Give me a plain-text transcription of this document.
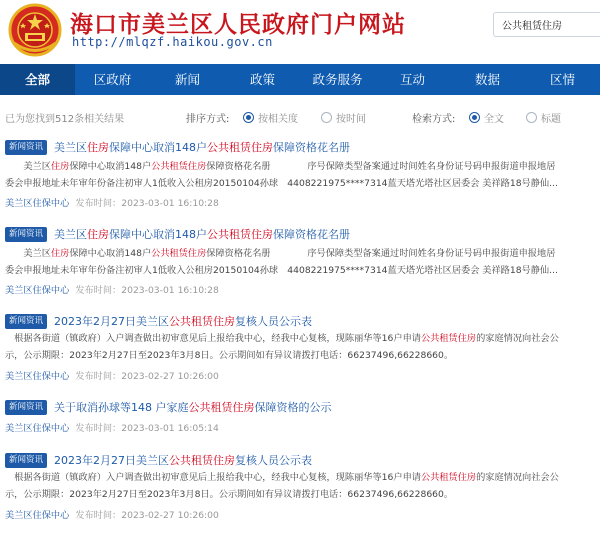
海口市美兰区人民政府门户网站
http://mlqzf.haikou.gov.cn
公共租赁住房
全部	区政府	新闻	政策	政务服务	互动	数据	区情
已为您找到512条相关结果	排序方式:	按相关度	按时间	检索方式:	全文	标题
新闻资讯	美兰区住房保障中心取消148户公共租赁住房保障资格花名册
　　美兰区住房保障中心取消148户公共租赁住房保障资格花名册　　　　序号保障类型备案通过时间姓名身份证号码申报街道申报地居
委会申报地址未年审年份备注初审人1低收入公租房20150104孙球　4408221975****7314蓝天塔光塔社区居委会 美祥路18号静仙...
美兰区住保中心 发布时间：2023-03-01 16:10:28
新闻资讯	美兰区住房保障中心取消148户公共租赁住房保障资格花名册
　　美兰区住房保障中心取消148户公共租赁住房保障资格花名册　　　　序号保障类型备案通过时间姓名身份证号码申报街道申报地居
委会申报地址未年审年份备注初审人1低收入公租房20150104孙球　4408221975****7314蓝天塔光塔社区居委会 美祥路18号静仙...
美兰区住保中心 发布时间：2023-03-01 16:10:28
新闻资讯	2023年2月27日美兰区公共租赁住房复核人员公示表
　根据各街道（镇政府）入户调查做出初审意见后上报给我中心，经我中心复核，现陈丽华等16户申请公共租赁住房的家庭情况向社会公
示，公示期限：2023年2月27日至2023年3月8日。公示期间如有异议请拨打电话：66237496,66228660。
美兰区住保中心 发布时间：2023-02-27 10:26:00
新闻资讯	关于取消孙球等148 户家庭公共租赁住房保障资格的公示
美兰区住保中心 发布时间：2023-03-01 16:05:14
新闻资讯	2023年2月27日美兰区公共租赁住房复核人员公示表
　根据各街道（镇政府）入户调查做出初审意见后上报给我中心，经我中心复核，现陈丽华等16户申请公共租赁住房的家庭情况向社会公
示，公示期限：2023年2月27日至2023年3月8日。公示期间如有异议请拨打电话：66237496,66228660。
美兰区住保中心 发布时间：2023-02-27 10:26:00
